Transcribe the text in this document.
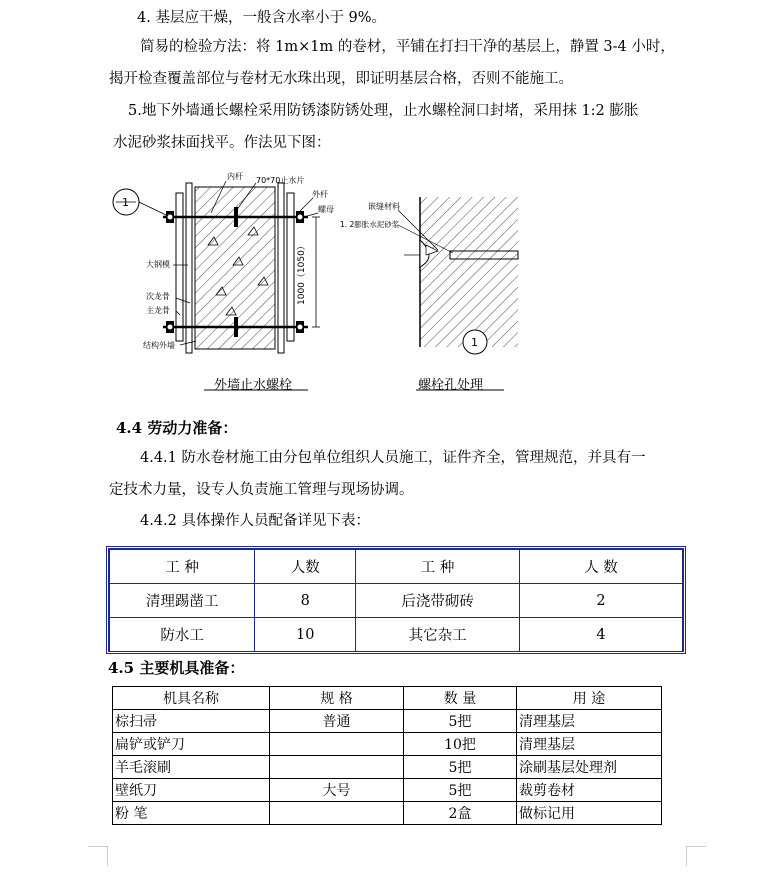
4. 基层应干燥，一般含水率小于 9%。
简易的检验方法：将 1m×1m 的卷材，平铺在打扫干净的基层上，静置 3-4 小时，
揭开检查覆盖部位与卷材无水珠出现，即证明基层合格，否则不能施工。
5.地下外墙通长螺栓采用防锈漆防锈处理，止水螺栓洞口封堵，采用抹 1:2 膨胀
水泥砂浆抹面找平。作法见下图：
1000（1050）
1
内杆 70*70止水片
外杆
螺母
大钢模
次龙骨
主龙骨
结构外墙
嵌缝材料
1. 2膨胀水泥砂浆
1
外墙止水螺栓	螺栓孔处理
4.4 劳动力准备：
4.4.1 防水卷材施工由分包单位组织人员施工，证件齐全，管理规范，并具有一
定技术力量，设专人负责施工管理与现场协调。
4.4.2 具体操作人员配备详见下表：
工 种	人数	工 种	人 数
清理踢凿工	8	后浇带砌砖	2
防水工	10	其它杂工	4
4.5 主要机具准备：
机具名称	规 格	数 量	用 途
棕扫帚	普通	5把	清理基层
扁铲或铲刀		10把	清理基层
羊毛滚刷		5把	涂刷基层处理剂
壁纸刀	大号	5把	裁剪卷材
粉 笔		2盒	做标记用
